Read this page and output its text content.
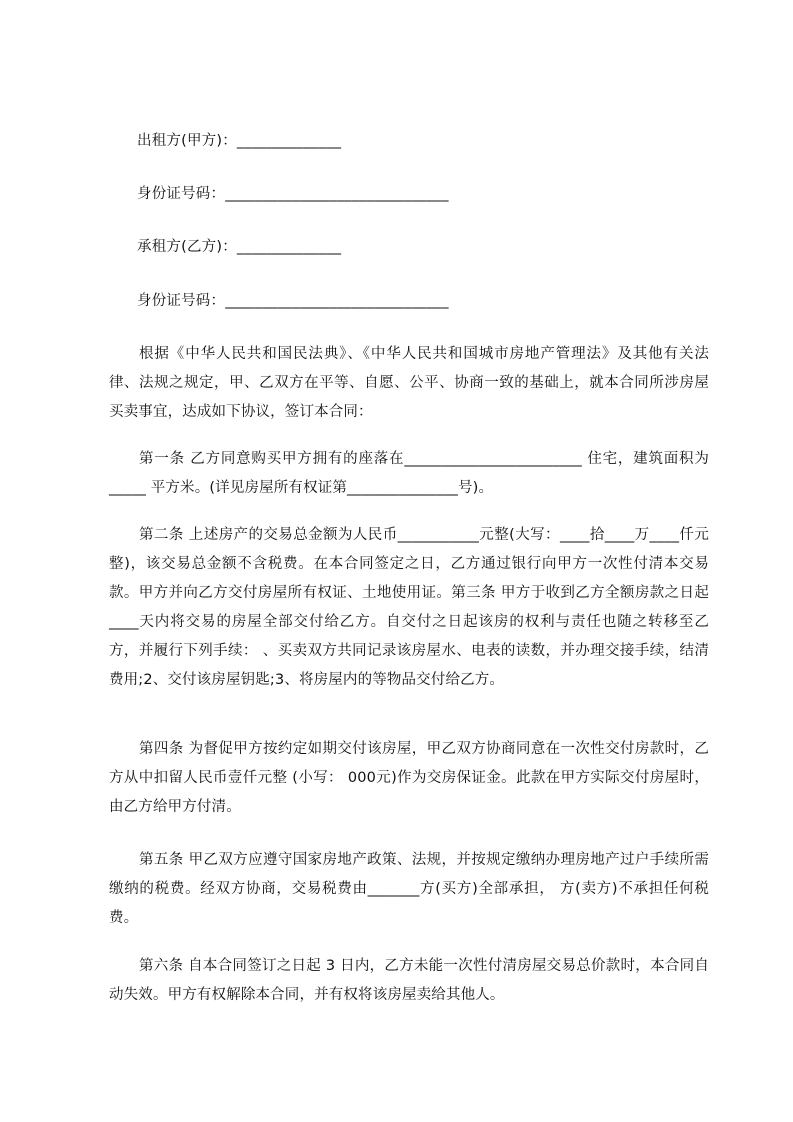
出租方(甲方)：______________

身份证号码：______________________________

承租方(乙方)：______________

身份证号码：______________________________

根据《中华人民共和国民法典》、《中华人民共和国城市房地产管理法》及其他有关法律、法规之规定，甲、乙双方在平等、自愿、公平、协商一致的基础上，就本合同所涉房屋买卖事宜，达成如下协议，签订本合同：

第一条 乙方同意购买甲方拥有的座落在________________________ 住宅，建筑面积为_____ 平方米。(详见房屋所有权证第_______________号)。

第二条 上述房产的交易总金额为人民币___________元整(大写：____拾____万____仟元整)，该交易总金额不含税费。在本合同签定之日，乙方通过银行向甲方一次性付清本交易款。甲方并向乙方交付房屋所有权证、土地使用证。第三条 甲方于收到乙方全额房款之日起____天内将交易的房屋全部交付给乙方。自交付之日起该房的权利与责任也随之转移至乙方，并履行下列手续： 、买卖双方共同记录该房屋水、电表的读数，并办理交接手续，结清费用;2、交付该房屋钥匙;3、将房屋内的等物品交付给乙方。

第四条 为督促甲方按约定如期交付该房屋，甲乙双方协商同意在一次性交付房款时，乙方从中扣留人民币壹仟元整 (小写： 000元)作为交房保证金。此款在甲方实际交付房屋时，由乙方给甲方付清。

第五条 甲乙双方应遵守国家房地产政策、法规，并按规定缴纳办理房地产过户手续所需缴纳的税费。经双方协商，交易税费由_______方(买方)全部承担， 方(卖方)不承担任何税费。

第六条 自本合同签订之日起 3 日内，乙方未能一次性付清房屋交易总价款时，本合同自动失效。甲方有权解除本合同，并有权将该房屋卖给其他人。
